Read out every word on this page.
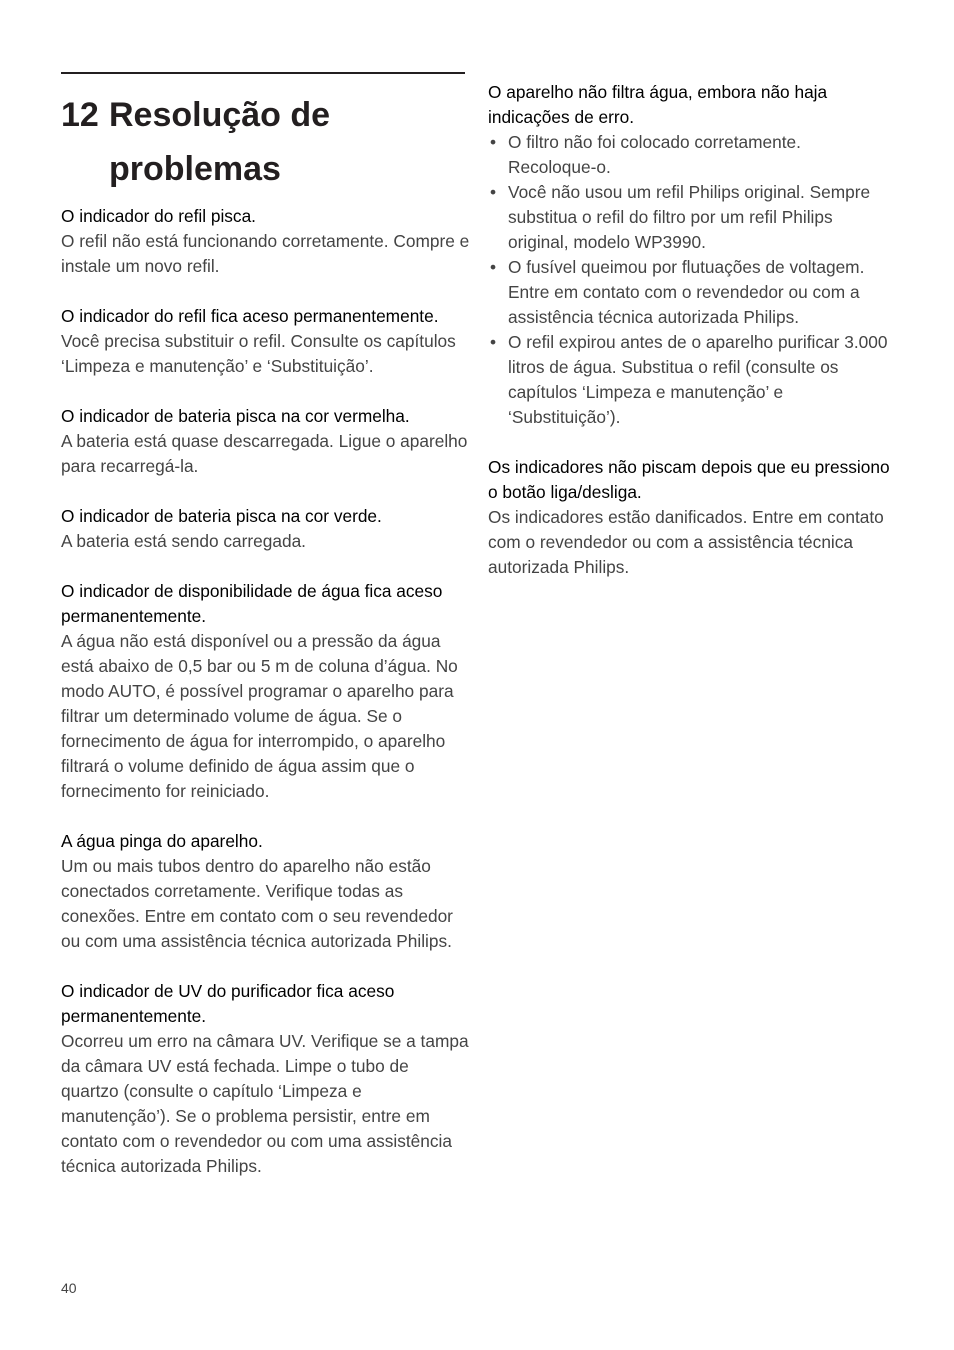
12 Resolução de problemas
O indicador do refil pisca.
O refil não está funcionando corretamente. Compre e instale um novo refil.
O indicador do refil fica aceso permanentemente.
Você precisa substituir o refil. Consulte os capítulos ‘Limpeza e manutenção’ e ‘Substituição’.
O indicador de bateria pisca na cor vermelha.
A bateria está quase descarregada. Ligue o aparelho para recarregá-la.
O indicador de bateria pisca na cor verde.
A bateria está sendo carregada.
O indicador de disponibilidade de água fica aceso permanentemente.
A água não está disponível ou a pressão da água está abaixo de 0,5 bar ou 5 m de coluna d’água. No modo AUTO, é possível programar o aparelho para filtrar um determinado volume de água. Se o fornecimento de água for interrompido, o aparelho filtrará o volume definido de água assim que o fornecimento for reiniciado.
A água pinga do aparelho.
Um ou mais tubos dentro do aparelho não estão conectados corretamente. Verifique todas as conexões. Entre em contato com o seu revendedor ou com uma assistência técnica autorizada Philips.
O indicador de UV do purificador fica aceso permanentemente.
Ocorreu um erro na câmara UV. Verifique se a tampa da câmara UV está fechada. Limpe o tubo de quartzo (consulte o capítulo ‘Limpeza e manutenção’). Se o problema persistir, entre em contato com o revendedor ou com uma assistência técnica autorizada Philips.
O aparelho não filtra água, embora não haja indicações de erro.
• O filtro não foi colocado corretamente. Recoloque-o.
• Você não usou um refil Philips original. Sempre substitua o refil do filtro por um refil Philips original, modelo WP3990.
• O fusível queimou por flutuações de voltagem. Entre em contato com o revendedor ou com a assistência técnica autorizada Philips.
• O refil expirou antes de o aparelho purificar 3.000 litros de água. Substitua o refil (consulte os capítulos ‘Limpeza e manutenção’ e ‘Substituição’).
Os indicadores não piscam depois que eu pressiono o botão liga/desliga.
Os indicadores estão danificados. Entre em contato com o revendedor ou com a assistência técnica autorizada Philips.
40
